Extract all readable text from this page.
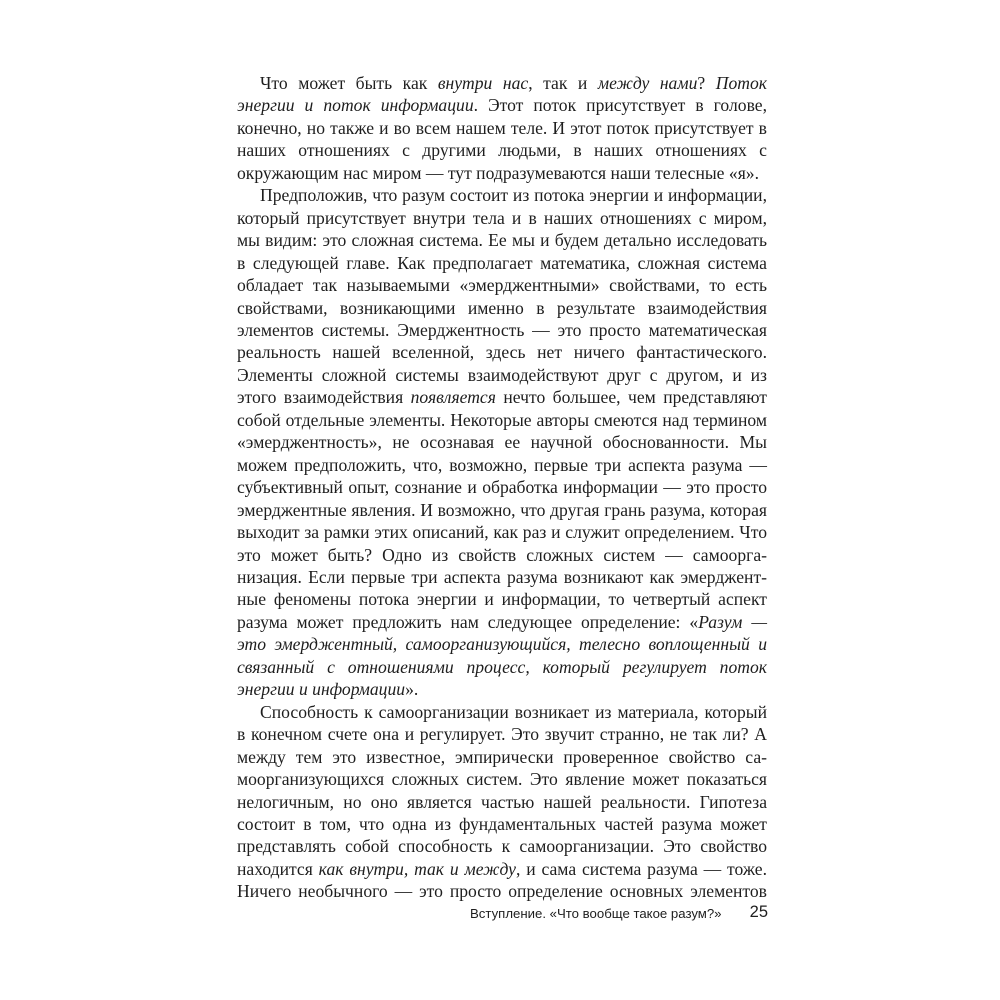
Что может быть как внутри нас, так и между нами? Поток энергии и поток информации. Этот поток присутствует в голове, конечно, но также и во всем нашем теле. И этот поток присутствует в наших отношениях с другими людьми, в наших отношениях с окружающим нас миром — тут подразумеваются наши телесные «я».

Предположив, что разум состоит из потока энергии и информации, который присутствует внутри тела и в наших отношениях с миром, мы видим: это сложная система. Ее мы и будем детально исследовать в следующей главе. Как предполагает математика, сложная система обладает так называемыми «эмерджентными» свойствами, то есть свойствами, возникающими именно в результате взаимодействия элементов системы. Эмерджентность — это просто математическая реальность нашей вселенной, здесь нет ничего фантастического. Элементы сложной системы взаимодействуют друг с другом, и из этого взаимодействия появляется нечто большее, чем представляют собой отдельные элементы. Некоторые авторы смеются над термином «эмерджентность», не осознавая ее научной обоснованности. Мы можем предположить, что, возможно, первые три аспекта разума — субъективный опыт, сознание и обработка информации — это просто эмерджентные явления. И возможно, что другая грань разума, которая выходит за рамки этих описаний, как раз и служит определением. Что это может быть? Одно из свойств сложных систем — самоорганизация. Если первые три аспекта разума возникают как эмерджентные феномены потока энергии и информации, то четвертый аспект разума может предложить нам следующее определение: «Разум — это эмерджентный, самоорганизующийся, телесно воплощенный и связанный с отношениями процесс, который регулирует поток энергии и информации».

Способность к самоорганизации возникает из материала, который в конечном счете она и регулирует. Это звучит странно, не так ли? А между тем это известное, эмпирически проверенное свойство самоорганизующихся сложных систем. Это явление может показаться нелогичным, но оно является частью нашей реальности. Гипотеза состоит в том, что одна из фундаментальных частей разума может представлять собой способность к самоорганизации. Это свойство находится как внутри, так и между, и сама система разума — тоже. Ничего необычного — это просто определение основных элементов

Вступление. «Что вообще такое разум?» 25
